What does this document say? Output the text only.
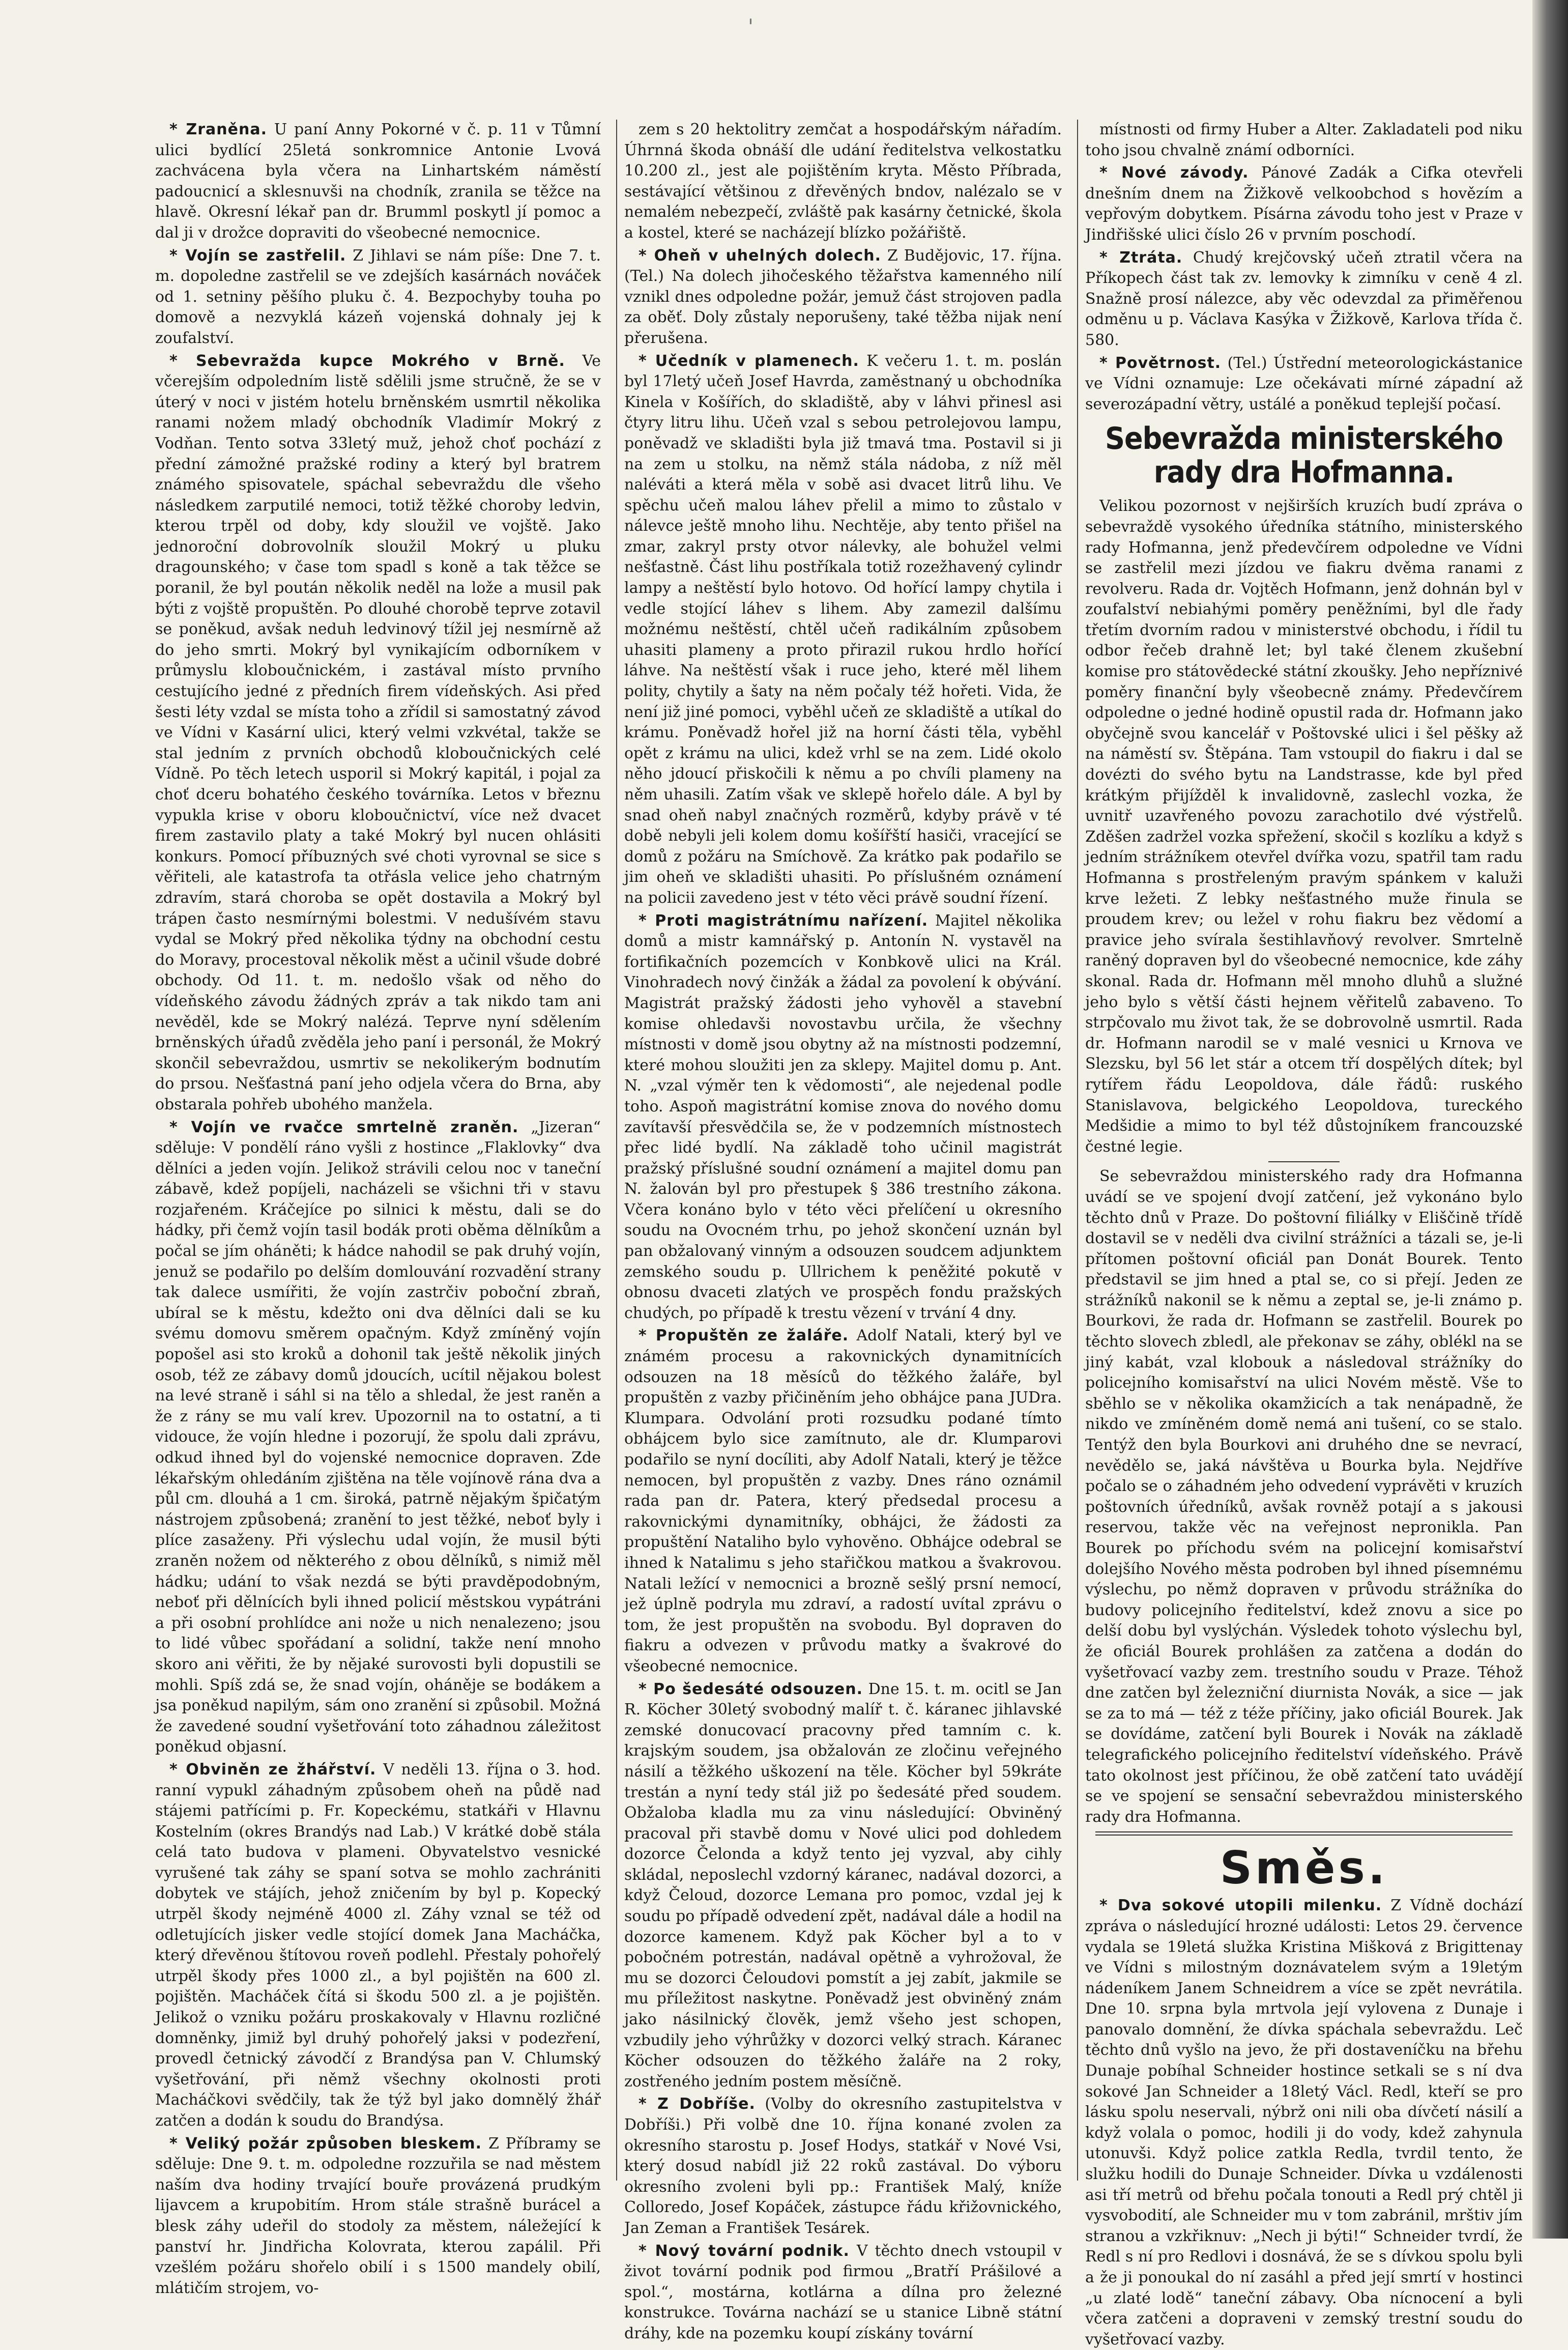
'

* Zraněna. U paní Anny Pokorné v č. p. 11 v Tůmní ulici bydlící 25letá sonkromnice Antonie Lvová zachvácena byla včera na Linhartském náměstí padoucnicí a sklesnuvši na chodník, zranila se těžce na hlavě. Okresní lékař pan dr. Brumml poskytl jí pomoc a dal ji v drožce dopraviti do všeobecné nemocnice.

* Vojín se zastřelil. Z Jihlavi se nám píše: Dne 7. t. m. dopoledne zastřelil se ve zdejších kasárnách nováček od 1. setniny pěšího pluku č. 4. Bezpochyby touha po domově a nezvyklá kázeň vojenská dohnaly jej k zoufalství.

* Sebevražda kupce Mokrého v Brně. Ve včerejším odpoledním listě sdělili jsme stručně, že se v úterý v noci v jistém hotelu brněnském usmrtil několika ranami nožem mladý obchodník Vladimír Mokrý z Vodňan. Tento sotva 33letý muž, jehož choť pochází z přední zámožné pražské rodiny a který byl bratrem známého spisovatele, spáchal sebevraždu dle všeho následkem zarputilé nemoci, totiž těžké choroby ledvin, kterou trpěl od doby, kdy sloužil ve vojště. Jako jednoroční dobrovolník sloužil Mokrý u pluku dragounského; v čase tom spadl s koně a tak těžce se poranil, že byl poután několik neděl na lože a musil pak býti z vojště propuštěn. Po dlouhé chorobě teprve zotavil se poněkud, avšak neduh ledvinový tížil jej nesmírně až do jeho smrti. Mokrý byl vynikajícím odborníkem v průmyslu kloboučnickém, i zastával místo prvního cestujícího jedné z předních firem vídeňských. Asi před šesti léty vzdal se místa toho a zřídil si samostatný závod ve Vídni v Kasární ulici, který velmi vzkvétal, takže se stal jedním z prvních obchodů kloboučnických celé Vídně. Po těch letech usporil si Mokrý kapitál, i pojal za choť dceru bohatého českého továrníka. Letos v březnu vypukla krise v oboru kloboučnictví, více než dvacet firem zastavilo platy a také Mokrý byl nucen ohlásiti konkurs. Pomocí příbuzných své choti vyrovnal se sice s věřiteli, ale katastrofa ta otřásla velice jeho chatrným zdravím, stará choroba se opět dostavila a Mokrý byl trápen často nesmírnými bolestmi. V nedušívém stavu vydal se Mokrý před několika týdny na obchodní cestu do Moravy, procestoval několik měst a učinil všude dobré obchody. Od 11. t. m. nedošlo však od něho do vídeňského závodu žádných zpráv a tak nikdo tam ani nevěděl, kde se Mokrý nalézá. Teprve nyní sdělením brněnských úřadů zvěděla jeho paní i personál, že Mokrý skončil sebevraždou, usmrtiv se nekolikerým bodnutím do prsou. Nešťastná paní jeho odjela včera do Brna, aby obstarala pohřeb ubohého manžela.

* Vojín ve rvačce smrtelně zraněn. „Jizeran“ sděluje: V pondělí ráno vyšli z hostince „Flaklovky“ dva dělníci a jeden vojín. Jelikož strávili celou noc v taneční zábavě, kdež popíjeli, nacházeli se všichni tři v stavu rozjařeném. Kráčejíce po silnici k městu, dali se do hádky, při čemž vojín tasil bodák proti oběma dělníkům a počal se jím oháněti; k hádce nahodil se pak druhý vojín, jenuž se podařilo po delším domlouvání rozvadění strany tak dalece usmířiti, že vojín zastrčiv poboční zbraň, ubíral se k městu, kdežto oni dva dělníci dali se ku svému domovu směrem opačným. Když zmíněný vojín popošel asi sto kroků a dohonil tak ještě několik jiných osob, též ze zábavy domů jdoucích, ucítil nějakou bolest na levé straně i sáhl si na tělo a shledal, že jest raněn a že z rány se mu valí krev. Upozornil na to ostatní, a ti vidouce, že vojín hledne i pozorují, že spolu dali zprávu, odkud ihned byl do vojenské nemocnice dopraven. Zde lékařským ohledáním zjištěna na těle vojínově rána dva a půl cm. dlouhá a 1 cm. široká, patrně nějakým špičatým nástrojem způsobená; zranění to jest těžké, neboť byly i plíce zasaženy. Při výslechu udal vojín, že musil býti zraněn nožem od některého z obou dělníků, s nimiž měl hádku; udání to však nezdá se býti pravděpodobným, neboť při dělnících byli ihned policií městskou vypátráni a při osobní prohlídce ani nože u nich nenalezeno; jsou to lidé vůbec spořádaní a solidní, takže není mnoho skoro ani věřiti, že by nějaké surovosti byli dopustili se mohli. Spíš zdá se, že snad vojín, oháněje se bodákem a jsa poněkud napilým, sám ono zranění si způsobil. Možná že zavedené soudní vyšetřování toto záhadnou záležitost poněkud objasní.

* Obviněn ze žhářství. V neděli 13. října o 3. hod. ranní vypukl záhadným způsobem oheň na půdě nad stájemi patřícími p. Fr. Kopeckému, statkáři v Hlavnu Kostelním (okres Brandýs nad Lab.) V krátké době stála celá tato budova v plameni. Obyvatelstvo vesnické vyrušené tak záhy se spaní sotva se mohlo zachrániti dobytek ve stájích, jehož zničením by byl p. Kopecký utrpěl škody nejméně 4000 zl. Záhy vznal se též od odletujících jisker vedle stojící domek Jana Macháčka, který dřevěnou štítovou roveň podlehl. Přestaly pohořelý utrpěl škody přes 1000 zl., a byl pojištěn na 600 zl. pojištěn. Macháček čítá si škodu 500 zl. a je pojištěn. Jelikož o vzniku požáru proskakovaly v Hlavnu rozličné domněnky, jimiž byl druhý pohořelý jaksi v podezření, provedl četnický závodčí z Brandýsa pan V. Chlumský vyšetřování, při němž všechny okolnosti proti Macháčkovi svědčily, tak že týž byl jako domnělý žhář zatčen a dodán k soudu do Brandýsa.

* Veliký požár způsoben bleskem. Z Příbramy se sděluje: Dne 9. t. m. odpoledne rozzuřila se nad městem naším dva hodiny trvající bouře provázená prudkým lijavcem a krupobitím. Hrom stále strašně burácel a blesk záhy udeřil do stodoly za městem, náležející k panství hr. Jindřicha Kolovrata, kterou zapálil. Při vzešlém požáru shořelo obilí i s 1500 mandely obilí, mlátičím strojem, vo-

zem s 20 hektolitry zemčat a hospodářským nářadím. Úhrnná škoda obnáší dle udání ředitelstva velkostatku 10.200 zl., jest ale pojištěním kryta. Město Příbrada, sestávající většinou z dřevěných bndov, nalézalo se v nemalém nebezpečí, zvláště pak kasárny četnické, škola a kostel, které se nacházejí blízko požářiště.

* Oheň v uhelných dolech. Z Budějovic, 17. října. (Tel.) Na dolech jihočeského těžařstva kamenného nilí vznikl dnes odpoledne požár, jemuž část strojoven padla za oběť. Doly zůstaly neporušeny, také těžba nijak není přerušena.

* Učedník v plamenech. K večeru 1. t. m. poslán byl 17letý učeň Josef Havrda, zaměstnaný u obchodníka Kinela v Košířích, do skladiště, aby v láhvi přinesl asi čtyry litru lihu. Učeň vzal s sebou petrolejovou lampu, poněvadž ve skladišti byla již tmavá tma. Postavil si ji na zem u stolku, na němž stála nádoba, z níž měl naléváti a která měla v sobě asi dvacet litrů lihu. Ve spěchu učeň malou láhev přelil a mimo to zůstalo v nálevce ještě mnoho lihu. Nechtěje, aby tento přišel na zmar, zakryl prsty otvor nálevky, ale bohužel velmi nešťastně. Část lihu postříkala totiž rozežhavený cylindr lampy a neštěstí bylo hotovo. Od hořící lampy chytila i vedle stojící láhev s lihem. Aby zamezil dalšímu možnému neštěstí, chtěl učeň radikálním způsobem uhasiti plameny a proto přirazil rukou hrdlo hořící láhve. Na neštěstí však i ruce jeho, které měl lihem polity, chytily a šaty na něm počaly též hořeti. Vida, že není již jiné pomoci, vyběhl učeň ze skladiště a utíkal do krámu. Poněvadž hořel již na horní části těla, vyběhl opět z krámu na ulici, kdež vrhl se na zem. Lidé okolo něho jdoucí přiskočili k němu a po chvíli plameny na něm uhasili. Zatím však ve sklepě hořelo dále. A byl by snad oheň nabyl značných rozměrů, kdyby právě v té době nebyli jeli kolem domu košířští hasiči, vracející se domů z požáru na Smíchově. Za krátko pak podařilo se jim oheň ve skladišti uhasiti. Po příslušném oznámení na policii zavedeno jest v této věci právě soudní řízení.

* Proti magistrátnímu nařízení. Majitel několika domů a mistr kamnářský p. Antonín N. vystavěl na fortifikačních pozemcích v Konbkově ulici na Král. Vinohradech nový činžák a žádal za povolení k obývání. Magistrát pražský žádosti jeho vyhověl a stavební komise ohledavši novostavbu určila, že všechny místnosti v domě jsou obytny až na místnosti podzemní, které mohou sloužiti jen za sklepy. Majitel domu p. Ant. N. „vzal výměr ten k vědomosti“, ale nejedenal podle toho. Aspoň magistrátní komise znova do nového domu zavítavší přesvědčila se, že v podzemních místnostech přec lidé bydlí. Na základě toho učinil magistrát pražský příslušné soudní oznámení a majitel domu pan N. žalován byl pro přestupek § 386 trestního zákona. Včera konáno bylo v této věci přelíčení u okresního soudu na Ovocném trhu, po jehož skončení uznán byl pan obžalovaný vinným a odsouzen soudcem adjunktem zemského soudu p. Ullrichem k peněžité pokutě v obnosu dvaceti zlatých ve prospěch fondu pražských chudých, po případě k trestu vězení v trvání 4 dny.

* Propuštěn ze žaláře. Adolf Natali, který byl ve známém procesu a rakovnických dynamitnících odsouzen na 18 měsíců do těžkého žaláře, byl propuštěn z vazby přičiněním jeho obhájce pana JUDra. Klumpara. Odvolání proti rozsudku podané tímto obhájcem bylo sice zamítnuto, ale dr. Klumparovi podařilo se nyní docíliti, aby Adolf Natali, který je těžce nemocen, byl propuštěn z vazby. Dnes ráno oznámil rada pan dr. Patera, který předsedal procesu a rakovnickými dynamitníky, obhájci, že žádosti za propuštění Nataliho bylo vyhověno. Obhájce odebral se ihned k Natalimu s jeho stařičkou matkou a švakrovou. Natali ležící v nemocnici a brozně sešlý prsní nemocí, jež úplně podryla mu zdraví, a radostí uvítal zprávu o tom, že jest propuštěn na svobodu. Byl dopraven do fiakru a odvezen v průvodu matky a švakrové do všeobecné nemocnice.

* Po šedesáté odsouzen. Dne 15. t. m. ocitl se Jan R. Köcher 30letý svobodný malíř t. č. káranec jihlavské zemské donucovací pracovny před tamním c. k. krajským soudem, jsa obžalován ze zločinu veřejného násilí a těžkého uškození na těle. Köcher byl 59kráte trestán a nyní tedy stál již po šedesáté před soudem. Obžaloba kladla mu za vinu následující: Obviněný pracoval při stavbě domu v Nové ulici pod dohledem dozorce Čelonda a když tento jej vyzval, aby cihly skládal, neposlechl vzdorný káranec, nadával dozorci, a když Čeloud, dozorce Lemana pro pomoc, vzdal jej k soudu po případě odvedení zpět, nadával dále a hodil na dozorce kamenem. Když pak Köcher byl a to v pobočném potrestán, nadával opětně a vyhrožoval, že mu se dozorci Čeloudovi pomstít a jej zabít, jakmile se mu příležitost naskytne. Poněvadž jest obviněný znám jako násilnický člověk, jemž všeho jest schopen, vzbudily jeho výhrůžky v dozorci velký strach. Káranec Köcher odsouzen do těžkého žaláře na 2 roky, zostřeného jedním postem měsíčně.

* Z Dobříše. (Volby do okresního zastupitelstva v Dobříši.) Při volbě dne 10. října konané zvolen za okresního starostu p. Josef Hodys, statkář v Nové Vsi, který dosud nabídl již 22 roků zastával. Do výboru okresního zvoleni byli pp.: František Malý, kníže Colloredo, Josef Kopáček, zástupce řádu křižovnického, Jan Zeman a František Tesárek.

* Nový tovární podnik. V těchto dnech vstoupil v život tovární podnik pod firmou „Bratří Prášilové a spol.“, mostárna, kotlárna a dílna pro železné konstrukce. Továrna nachází se u stanice Libně státní dráhy, kde na pozemku koupí získány tovární

místnosti od firmy Huber a Alter. Zakladateli pod niku toho jsou chvalně známí odborníci.

* Nové závody. Pánové Zadák a Cifka otevřeli dnešním dnem na Žižkově velkoobchod s hovězím a vepřovým dobytkem. Písárna závodu toho jest v Praze v Jindřišské ulici číslo 26 v prvním poschodí.

* Ztráta. Chudý krejčovský učeň ztratil včera na Příkopech část tak zv. lemovky k zimníku v ceně 4 zl. Snažně prosí nálezce, aby věc odevzdal za přiměřenou odměnu u p. Václava Kasýka v Žižkově, Karlova třída č. 580.

* Povětrnost. (Tel.) Ústřední meteorologickástanice ve Vídni oznamuje: Lze očekávati mírné západní až severozápadní větry, ustálé a poněkud teplejší počasí.

Sebevražda ministerského rady dra Hofmanna.

Velikou pozornost v nejširších kruzích budí zpráva o sebevraždě vysokého úředníka státního, ministerského rady Hofmanna, jenž předevčírem odpoledne ve Vídni se zastřelil mezi jízdou ve fiakru dvěma ranami z revolveru. Rada dr. Vojtěch Hofmann, jenž dohnán byl v zoufalství nebiahými poměry peněžními, byl dle řady třetím dvorním radou v ministerstvé obchodu, i řídil tu odbor řečeb drahně let; byl také členem zkušební komise pro státovědecké státní zkoušky. Jeho nepříznivé poměry finanční byly všeobecně známy. Předevčírem odpoledne o jedné hodině opustil rada dr. Hofmann jako obyčejně svou kancelář v Poštovské ulici i šel pěšky až na náměstí sv. Štěpána. Tam vstoupil do fiakru i dal se dovézti do svého bytu na Landstrasse, kde byl před krátkým přijížděl k invalidovně, zaslechl vozka, že uvnitř uzavřeného povozu zarachotilo dvé výstřelů. Zděšen zadržel vozka spřežení, skočil s kozlíku a když s jedním strážníkem otevřel dvířka vozu, spatřil tam radu Hofmanna s prostřeleným pravým spánkem v kaluži krve ležeti. Z lebky nešťastného muže řinula se proudem krev; ou ležel v rohu fiakru bez vědomí a pravice jeho svírala šestihlavňový revolver. Smrtelně raněný dopraven byl do všeobecné nemocnice, kde záhy skonal. Rada dr. Hofmann měl mnoho dluhů a služné jeho bylo s větší části hejnem věřitelů zabaveno. To strpčovalo mu život tak, že se dobrovolně usmrtil. Rada dr. Hofmann narodil se v malé vesnici u Krnova ve Slezsku, byl 56 let stár a otcem tří dospělých dítek; byl rytířem řádu Leopoldova, dále řádů: ruského Stanislavova, belgického Leopoldova, tureckého Medšidie a mimo to byl též důstojníkem francouzské čestné legie.

Se sebevraždou ministerského rady dra Hofmanna uvádí se ve spojení dvojí zatčení, jež vykonáno bylo těchto dnů v Praze. Do poštovní filiálky v Eliščině třídě dostavil se v neděli dva civilní strážníci a tázali se, je-li přítomen poštovní oficiál pan Donát Bourek. Tento představil se jim hned a ptal se, co si přejí. Jeden ze strážníků nakonil se k němu a zeptal se, je-li známo p. Bourkovi, že rada dr. Hofmann se zastřelil. Bourek po těchto slovech zbledl, ale překonav se záhy, oblékl na se jiný kabát, vzal klobouk a následoval strážníky do policejního komisařství na ulici Novém městě. Vše to sběhlo se v několika okamžicích a tak nenápadně, že nikdo ve zmíněném domě nemá ani tušení, co se stalo. Tentýž den byla Bourkovi ani druhého dne se nevrací, nevědělo se, jaká návštěva u Bourka byla. Nejdříve počalo se o záhadném jeho odvedení vyprávěti v kruzích poštovních úředníků, avšak rovněž potají a s jakousi reservou, takže věc na veřejnost nepronikla. Pan Bourek po příchodu svém na policejní komisařství dolejšího Nového města podroben byl ihned písemnému výslechu, po němž dopraven v průvodu strážníka do budovy policejního ředitelství, kdež znovu a sice po delší dobu byl vyslýchán. Výsledek tohoto výslechu byl, že oficiál Bourek prohlášen za zatčena a dodán do vyšetřovací vazby zem. trestního soudu v Praze. Téhož dne zatčen byl železniční diurnista Novák, a sice — jak se za to má — též z téže příčiny, jako oficiál Bourek. Jak se dovídáme, zatčení byli Bourek i Novák na základě telegrafického policejního ředitelství vídeňského. Právě tato okolnost jest příčinou, že obě zatčení tato uvádějí se ve spojení se sensační sebevraždou ministerského rady dra Hofmanna.

Směs.

* Dva sokové utopili milenku. Z Vídně dochází zpráva o následující hrozné události: Letos 29. července vydala se 19letá služka Kristina Mišková z Brigittenay ve Vídni s milostným doznávatelem svým a 19letým nádeníkem Janem Schneidrem a více se zpět nevrátila. Dne 10. srpna byla mrtvola její vylovena z Dunaje i panovalo domnění, že dívka spáchala sebevraždu. Leč těchto dnů vyšlo na jevo, že při dostaveníčku na břehu Dunaje pobíhal Schneider hostince setkali se s ní dva sokové Jan Schneider a 18letý Václ. Redl, kteří se pro lásku spolu neservali, nýbrž oni nili oba dívčetí násilí a když volala o pomoc, hodili ji do vody, kdež zahynula utonuvši. Když police zatkla Redla, tvrdil tento, že služku hodili do Dunaje Schneider. Dívka u vzdálenosti asi tří metrů od břehu počala tonouti a Redl prý chtěl ji vysvobodití, ale Schneider mu v tom zabránil, mrštiv jím stranou a vzkřiknuv: „Nech ji býti!“ Schneider tvrdí, že Redl s ní pro Redlovi i dosnává, že se s dívkou spolu byli a že ji ponoukal do ní zasáhl a před její smrtí v hostinci „u zlaté lodě“ taneční zábavy. Oba nícnocení a byli včera zatčeni a dopraveni v zemský trestní soudu do vyšetřovací vazby.
